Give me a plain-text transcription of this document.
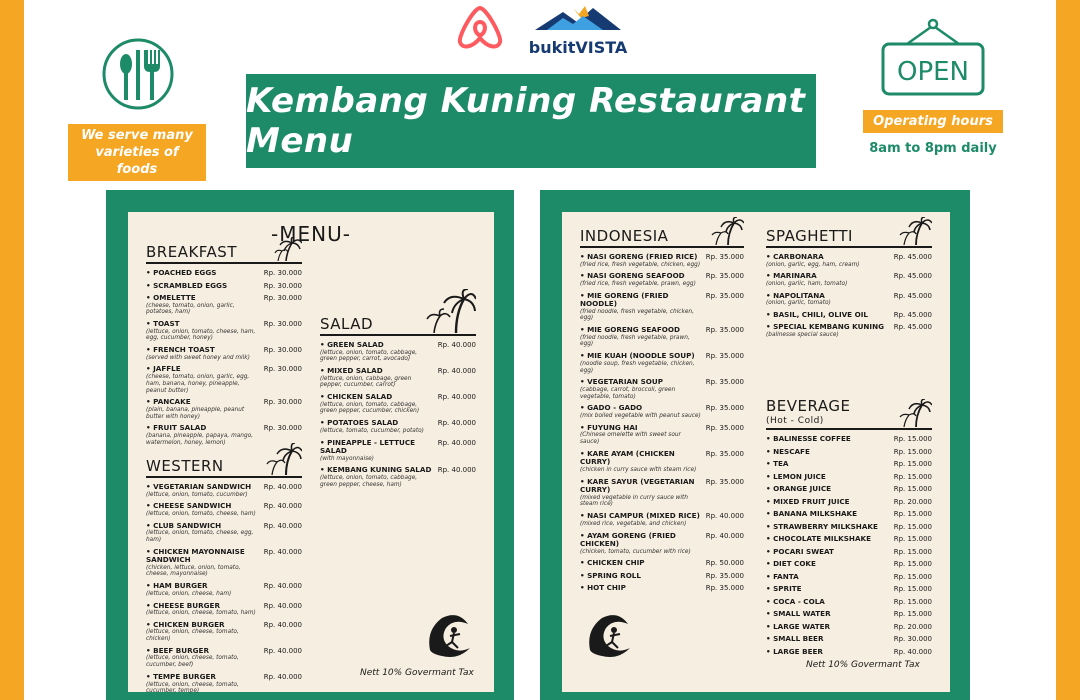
bukitVISTA
We serve many varieties of foods
Kembang Kuning Restaurant Menu
OPEN
Operating hours
8am to 8pm daily
-MENU-
BREAKFAST
• POACHED EGGS	Rp. 30.000
• SCRAMBLED EGGS	Rp. 30.000
• OMELETTE
(cheese, tomato, onion, garlic, potatoes, ham)
Rp. 30.000
• TOAST
(lettuce, onion, tomato, cheese, ham, egg, cucumber, honey)
Rp. 30.000
• FRENCH TOAST
(served with sweet honey and milk)
Rp. 30.000
• JAFFLE
(cheese, tomato, onion, garlic, egg, ham, banana, honey, pineapple, peanut butter)
Rp. 30.000
• PANCAKE
(plain, banana, pineapple, peanut butter with honey)
Rp. 30.000
• FRUIT SALAD
(banana, pineapple, papaya, mango, watermelon, honey, lemon)
Rp. 30.000
WESTERN
• VEGETARIAN SANDWICH
(lettuce, onion, tomato, cucumber)
Rp. 40.000
• CHEESE SANDWICH
(lettuce, onion, tomato, cheese, ham)
Rp. 40.000
• CLUB SANDWICH
(lettuce, onion, tomato, cheese, egg, ham)
Rp. 40.000
• CHICKEN MAYONNAISE SANDWICH
(chicken, lettuce, onion, tomato, cheese, mayonnaise)
Rp. 40.000
• HAM BURGER
(lettuce, onion, cheese, ham)
Rp. 40.000
• CHEESE BURGER
(lettuce, onion, cheese, tomato, ham)
Rp. 40.000
• CHICKEN BURGER
(lettuce, onion, cheese, tomato, chicken)
Rp. 40.000
• BEEF BURGER
(lettuce, onion, cheese, tomato, cucumber, beef)
Rp. 40.000
• TEMPE BURGER
(lettuce, onion, cheese, tomato, cucumber, tempe)
Rp. 40.000
SALAD
• GREEN SALAD
(lettuce, onion, tomato, cabbage, green pepper, carrot, avocado)
Rp. 40.000
• MIXED SALAD
(lettuce, onion, cabbage, green pepper, cucumber, carrot)
Rp. 40.000
• CHICKEN SALAD
(lettuce, onion, tomato, cabbage, green pepper, cucumber, chicken)
Rp. 40.000
• POTATOES SALAD
(lettuce, tomato, cucumber, potato)
Rp. 40.000
• PINEAPPLE - LETTUCE SALAD
(with mayonnaise)
Rp. 40.000
• KEMBANG KUNING SALAD
(lettuce, onion, tomato, cabbage, green pepper, cheese, ham)
Rp. 40.000
Nett 10% Govermant Tax
INDONESIA
• NASI GORENG (FRIED RICE)
(fried rice, fresh vegetable, chicken, egg)
Rp. 35.000
• NASI GORENG SEAFOOD
(fried rice, fresh vegetable, prawn, egg)
Rp. 35.000
• MIE GORENG (FRIED NOODLE)
(fried noodle, fresh vegetable, chicken, egg)
Rp. 35.000
• MIE GORENG SEAFOOD
(fried noodle, fresh vegetable, prawn, egg)
Rp. 35.000
• MIE KUAH (NOODLE SOUP)
(noodle soup, fresh vegetable, chicken, egg)
Rp. 35.000
• VEGETARIAN SOUP
(cabbage, carrot, broccoli, green vegetable, tomato)
Rp. 35.000
• GADO - GADO
(mix boiled vegetable with peanut sauce)
Rp. 35.000
• FUYUNG HAI
(Chinese omelette with sweet sour sauce)
Rp. 35.000
• KARE AYAM (CHICKEN CURRY)
(chicken in curry sauce with steam rice)
Rp. 35.000
• KARE SAYUR (VEGETARIAN CURRY)
(mixed vegetable in curry sauce with steam rice)
Rp. 35.000
• NASI CAMPUR (MIXED RICE)
(mixed rice, vegetable, and chicken)
Rp. 40.000
• AYAM GORENG (FRIED CHICKEN)
(chicken, tomato, cucumber with rice)
Rp. 40.000
• CHICKEN CHIP	Rp. 50.000
• SPRING ROLL	Rp. 35.000
• HOT CHIP	Rp. 35.000
SPAGHETTI
• CARBONARA
(onion, garlic, egg, ham, cream)
Rp. 45.000
• MARINARA
(onion, garlic, ham, tomato)
Rp. 45.000
• NAPOLITANA
(onion, garlic, tomato)
Rp. 45.000
• BASIL, CHILI, OLIVE OIL	Rp. 45.000
• SPECIAL KEMBANG KUNING
(balinesse special sauce)
Rp. 45.000
BEVERAGE
(Hot - Cold)
• BALINESSE COFFEE	Rp. 15.000
• NESCAFE	Rp. 15.000
• TEA	Rp. 15.000
• LEMON JUICE	Rp. 15.000
• ORANGE JUICE	Rp. 15.000
• MIXED FRUIT JUICE	Rp. 20.000
• BANANA MILKSHAKE	Rp. 15.000
• STRAWBERRY MILKSHAKE	Rp. 15.000
• CHOCOLATE MILKSHAKE	Rp. 15.000
• POCARI SWEAT	Rp. 15.000
• DIET COKE	Rp. 15.000
• FANTA	Rp. 15.000
• SPRITE	Rp. 15.000
• COCA - COLA	Rp. 15.000
• SMALL WATER	Rp. 15.000
• LARGE WATER	Rp. 20.000
• SMALL BEER	Rp. 30.000
• LARGE BEER	Rp. 40.000
Nett 10% Govermant Tax
